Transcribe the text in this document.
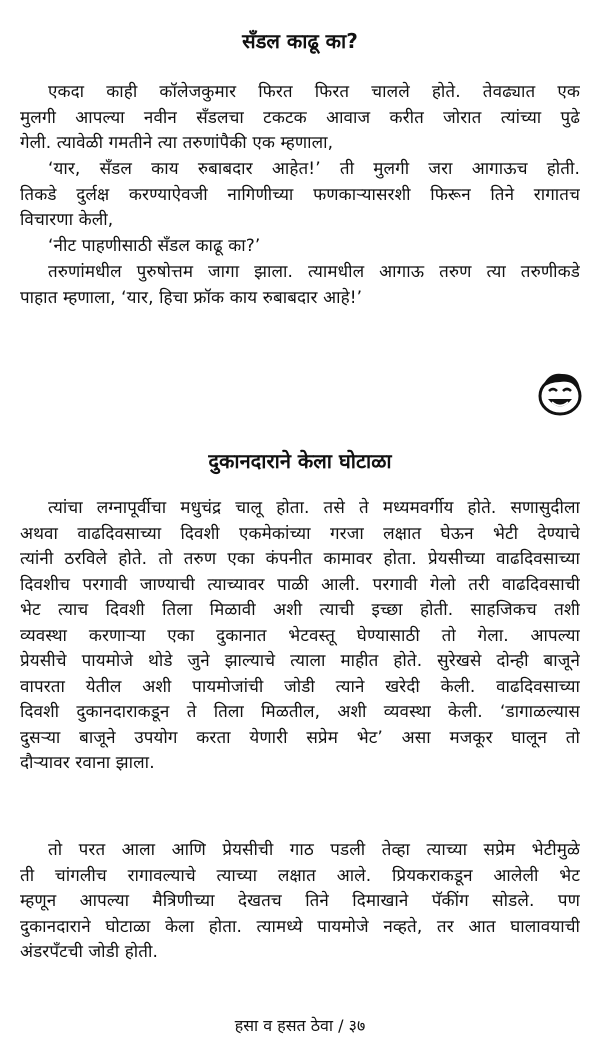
सँडल काढू का?
एकदा काही कॉलेजकुमार फिरत फिरत चालले होते. तेवढ्यात एक
मुलगी आपल्या नवीन सँडलचा टकटक आवाज करीत जोरात त्यांच्या पुढे
गेली. त्यावेळी गमतीने त्या तरुणांपैकी एक म्हणाला,
‘यार, सँडल काय रुबाबदार आहेत!’ ती मुलगी जरा आगाऊच होती.
तिकडे दुर्लक्ष करण्याऐवजी नागिणीच्या फणकाऱ्यासरशी फिरून तिने रागातच
विचारणा केली,
‘नीट पाहणीसाठी सँडल काढू का?’
तरुणांमधील पुरुषोत्तम जागा झाला. त्यामधील आगाऊ तरुण त्या तरुणीकडे
पाहात म्हणाला, ‘यार, हिचा फ्रॉक काय रुबाबदार आहे!’
दुकानदाराने केला घोटाळा
त्यांचा लग्नापूर्वीचा मधुचंद्र चालू होता. तसे ते मध्यमवर्गीय होते. सणासुदीला
अथवा वाढदिवसाच्या दिवशी एकमेकांच्या गरजा लक्षात घेऊन भेटी देण्याचे
त्यांनी ठरविले होते. तो तरुण एका कंपनीत कामावर होता. प्रेयसीच्या वाढदिवसाच्या
दिवशीच परगावी जाण्याची त्याच्यावर पाळी आली. परगावी गेलो तरी वाढदिवसाची
भेट त्याच दिवशी तिला मिळावी अशी त्याची इच्छा होती. साहजिकच तशी
व्यवस्था करणाऱ्या एका दुकानात भेटवस्तू घेण्यासाठी तो गेला. आपल्या
प्रेयसीचे पायमोजे थोडे जुने झाल्याचे त्याला माहीत होते. सुरेखसे दोन्ही बाजूने
वापरता येतील अशी पायमोजांची जोडी त्याने खरेदी केली. वाढदिवसाच्या
दिवशी दुकानदाराकडून ते तिला मिळतील, अशी व्यवस्था केली. ‘डागाळल्यास
दुसऱ्या बाजूने उपयोग करता येणारी सप्रेम भेट’ असा मजकूर घालून तो
दौऱ्यावर रवाना झाला.
तो परत आला आणि प्रेयसीची गाठ पडली तेव्हा त्याच्या सप्रेम भेटीमुळे
ती चांगलीच रागावल्याचे त्याच्या लक्षात आले. प्रियकराकडून आलेली भेट
म्हणून आपल्या मैत्रिणीच्या देखतच तिने दिमाखाने पॅकींग सोडले. पण
दुकानदाराने घोटाळा केला होता. त्यामध्ये पायमोजे नव्हते, तर आत घालावयाची
अंडरपँटची जोडी होती.
हसा व हसत ठेवा / ३७
